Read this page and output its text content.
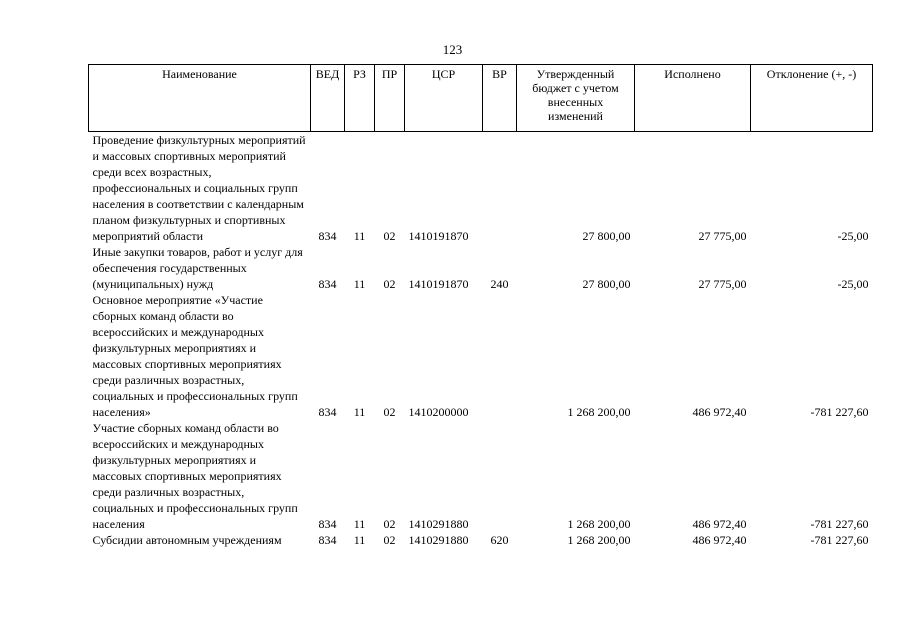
123
Наименование	ВЕД	РЗ	ПР	ЦСР	ВР	Утвержденный бюджет с учетом внесенных изменений	Исполнено	Отклонение (+, -)
Проведение физкультурных мероприятий и массовых спортивных мероприятий среди всех возрастных, профессиональных и социальных групп населения в соответствии с календарным планом физкультурных и спортивных мероприятий области	834	11	02	1410191870		27 800,00	27 775,00	-25,00
Иные закупки товаров, работ и услуг для обеспечения государственных (муниципальных) нужд	834	11	02	1410191870	240	27 800,00	27 775,00	-25,00
Основное мероприятие «Участие сборных команд области во всероссийских и международных физкультурных мероприятиях и массовых спортивных мероприятиях среди различных возрастных, социальных и профессиональных групп населения»	834	11	02	1410200000		1 268 200,00	486 972,40	-781 227,60
Участие сборных команд области во всероссийских и международных физкультурных мероприятиях и массовых спортивных мероприятиях среди различных возрастных, социальных и профессиональных групп населения	834	11	02	1410291880		1 268 200,00	486 972,40	-781 227,60
Субсидии автономным учреждениям	834	11	02	1410291880	620	1 268 200,00	486 972,40	-781 227,60
